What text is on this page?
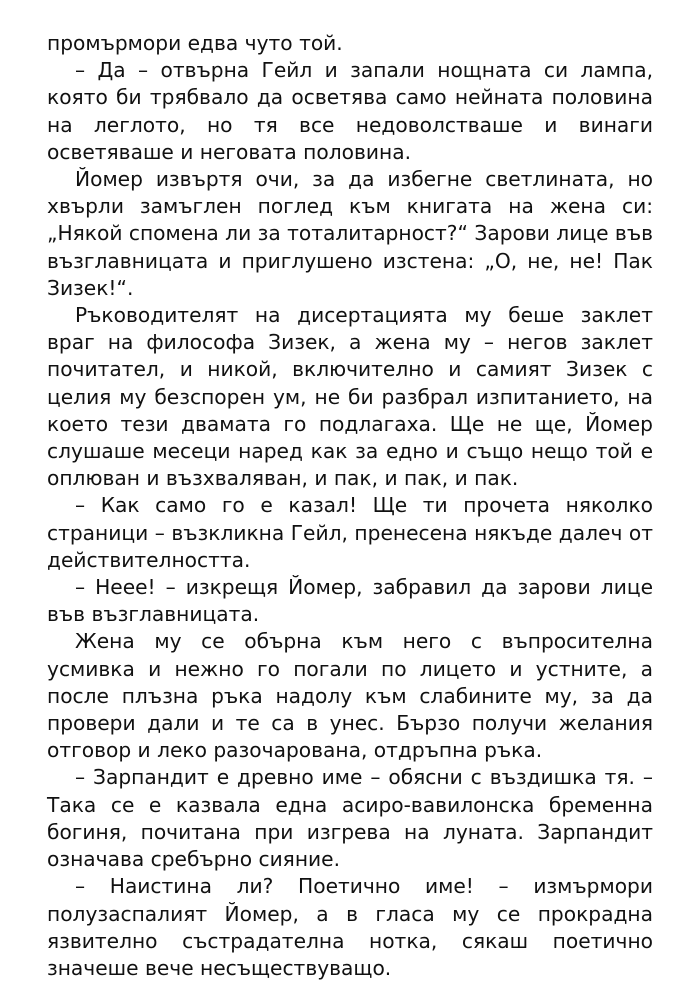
промърмори едва чуто той.

– Да – отвърна Гейл и запали нощната си лампа, която би трябвало да осветява само нейната половина на леглото, но тя все недоволстваше и винаги осветяваше и неговата половина.

Йомер извъртя очи, за да избегне светлината, но хвърли замъглен поглед към книгата на жена си: „Някой спомена ли за тоталитарност?“ Зарови лице във възглавницата и приглушено изстена: „О, не, не! Пак Зизек!“.

Ръководителят на дисертацията му беше заклет враг на философа Зизек, а жена му – негов заклет почитател, и никой, включително и самият Зизек с целия му безспорен ум, не би разбрал изпитанието, на което тези двамата го подлагаха. Ще не ще, Йомер слушаше месеци наред как за едно и също нещо той е оплюван и възхваляван, и пак, и пак, и пак.

– Как само го е казал! Ще ти прочета няколко страници – възкликна Гейл, пренесена някъде далеч от действителността.

– Нeee! – изкрещя Йомер, забравил да зарови лице във възглавницата.

Жена му се обърна към него с въпросителна усмивка и нежно го погали по лицето и устните, а после плъзна ръка надолу към слабините му, за да провери дали и те са в унес. Бързо получи желания отговор и леко разочарована, отдръпна ръка.

– Зарпандит е древно име – обясни с въздишка тя. – Така се е казвала една асиро-вавилонска бременна богиня, почитана при изгрева на луната. Зарпандит означава сребърно сияние.

– Наистина ли? Поетично име! – измърмори полузаспалият Йомер, а в гласа му се прокрадна язвително състрадателна нотка, сякаш поетично значеше вече несъществуващо.
